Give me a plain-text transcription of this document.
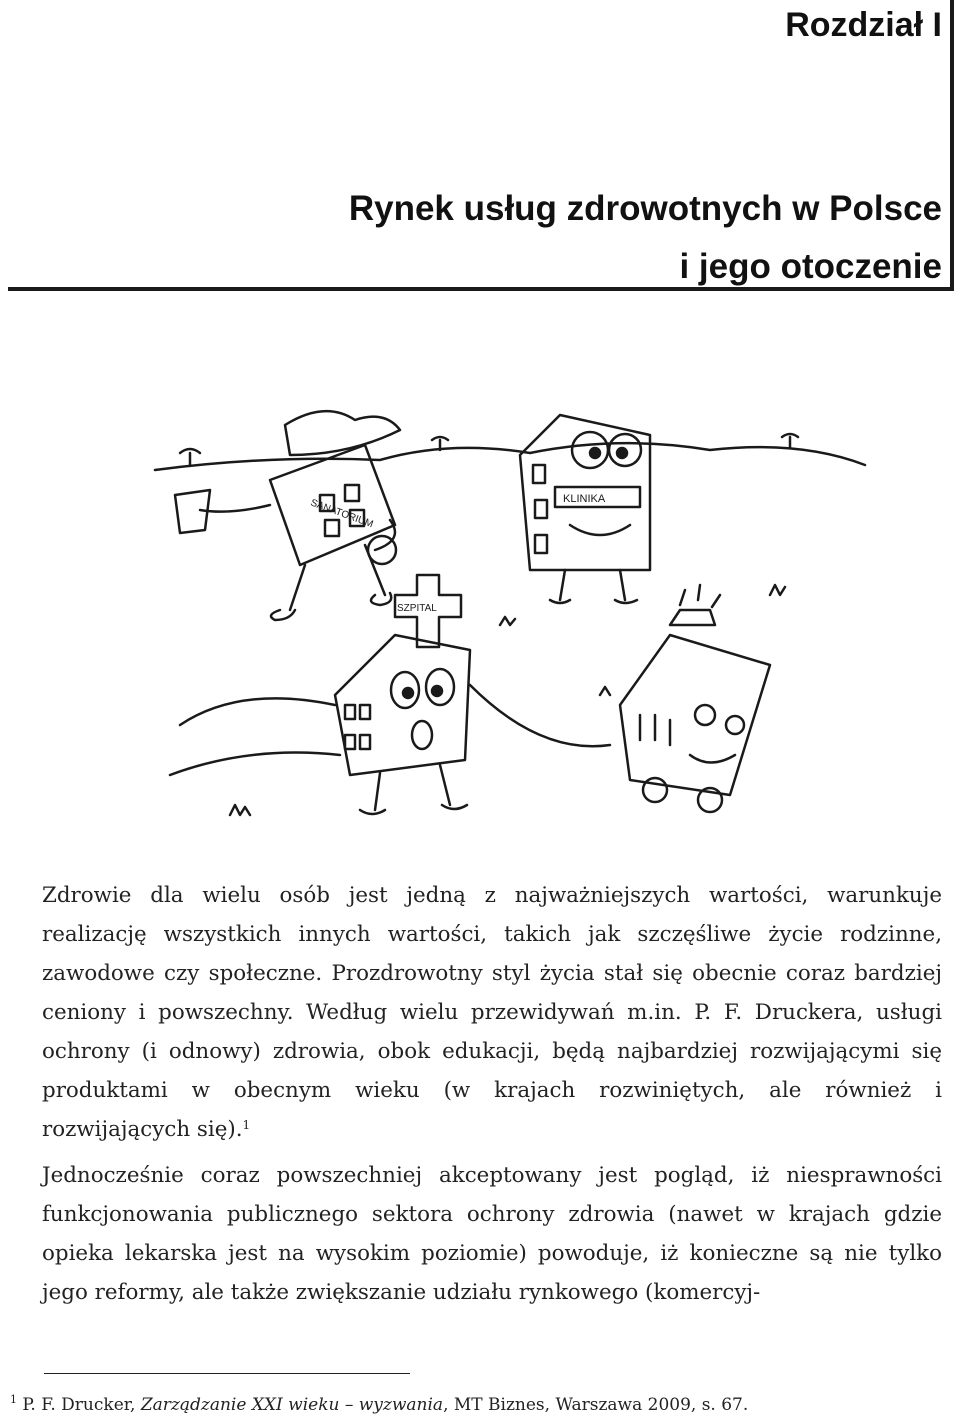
Rozdział I
Rynek usług zdrowotnych w Polsce
i jego otoczenie
SANATORIUM	KLINIKA
SZPITAL

Zdrowie dla wielu osób jest jedną z najważniejszych wartości, warunkuje realizację wszystkich innych wartości, takich jak szczęśliwe życie rodzinne, zawodowe czy społeczne. Prozdrowotny styl życia stał się obecnie coraz bardziej ceniony i powszechny. Według wielu przewidywań m.in. P. F. Druckera, usługi ochrony (i odnowy) zdrowia, obok edukacji, będą najbardziej rozwijającymi się produktami w obecnym wieku (w krajach rozwiniętych, ale również i rozwijających się).$^1$

Jednocześnie coraz powszechniej akceptowany jest pogląd, iż niesprawności funkcjonowania publicznego sektora ochrony zdrowia (nawet w krajach gdzie opieka lekarska jest na wysokim poziomie) powoduje, iż konieczne są nie tylko jego reformy, ale także zwiększanie udziału rynkowego (komercyj-

$^1$ P. F. Drucker, Zarządzanie XXI wieku – wyzwania, MT Biznes, Warszawa 2009, s. 67.
